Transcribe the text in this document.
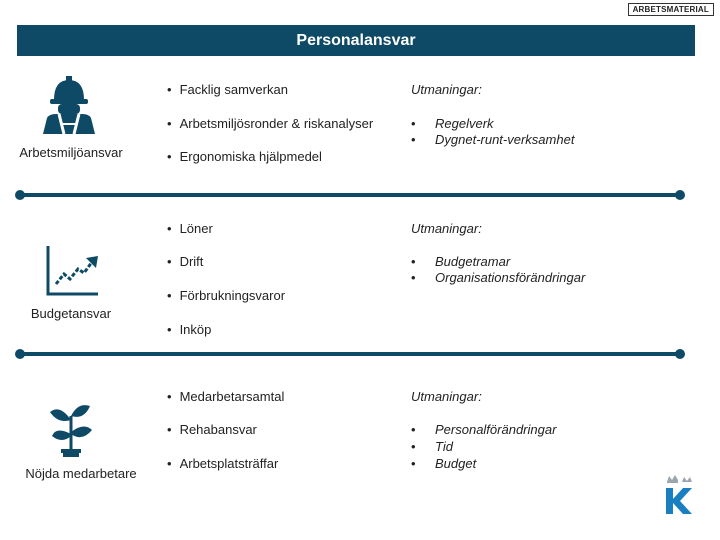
ARBETSMATERIAL
Personalansvar
Arbetsmiljöansvar
• Facklig samverkan
• Arbetsmiljösronder & riskanalyser
• Ergonomiska hjälpmedel
Utmaningar:
• Regelverk
• Dygnet-runt-verksamhet
Budgetansvar
• Löner
• Drift
• Förbrukningsvaror
• Inköp
Utmaningar:
• Budgetramar
• Organisationsförändringar
Nöjda medarbetare
• Medarbetarsamtal
• Rehabansvar
• Arbetsplatsträffar
Utmaningar:
• Personalförändringar
• Tid
• Budget
